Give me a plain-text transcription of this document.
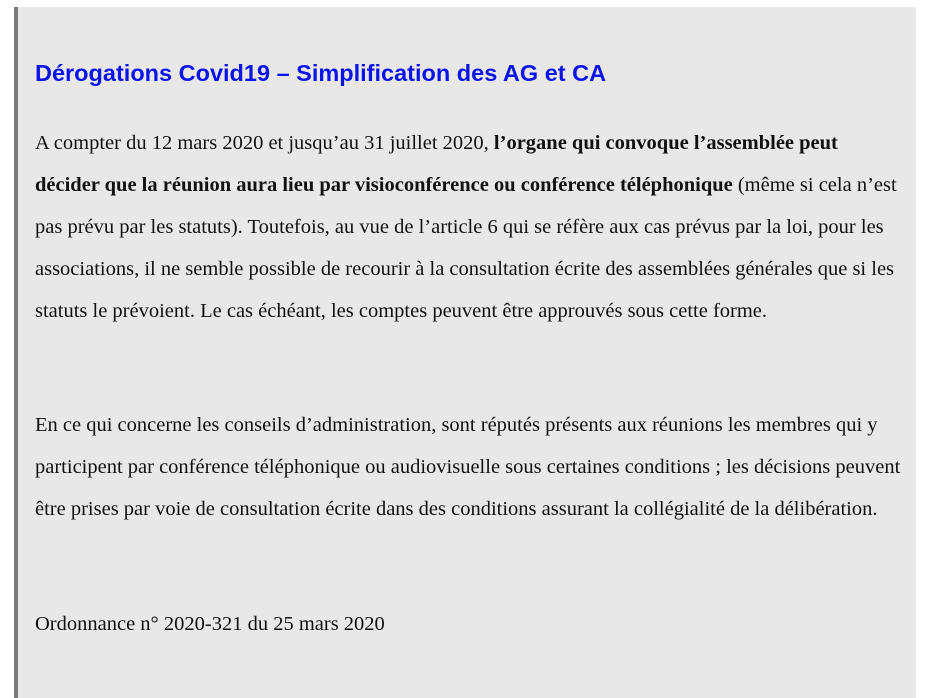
Dérogations Covid19 – Simplification des AG et CA

A compter du 12 mars 2020 et jusqu’au 31 juillet 2020, l’organe qui convoque l’assemblée peut décider que la réunion aura lieu par visioconférence ou conférence téléphonique (même si cela n’est pas prévu par les statuts). Toutefois, au vue de l’article 6 qui se réfère aux cas prévus par la loi, pour les associations, il ne semble possible de recourir à la consultation écrite des assemblées générales que si les statuts le prévoient. Le cas échéant, les comptes peuvent être approuvés sous cette forme.

En ce qui concerne les conseils d’administration, sont réputés présents aux réunions les membres qui y participent par conférence téléphonique ou audiovisuelle sous certaines conditions ; les décisions peuvent être prises par voie de consultation écrite dans des conditions assurant la collégialité de la délibération.

Ordonnance n° 2020-321 du 25 mars 2020
